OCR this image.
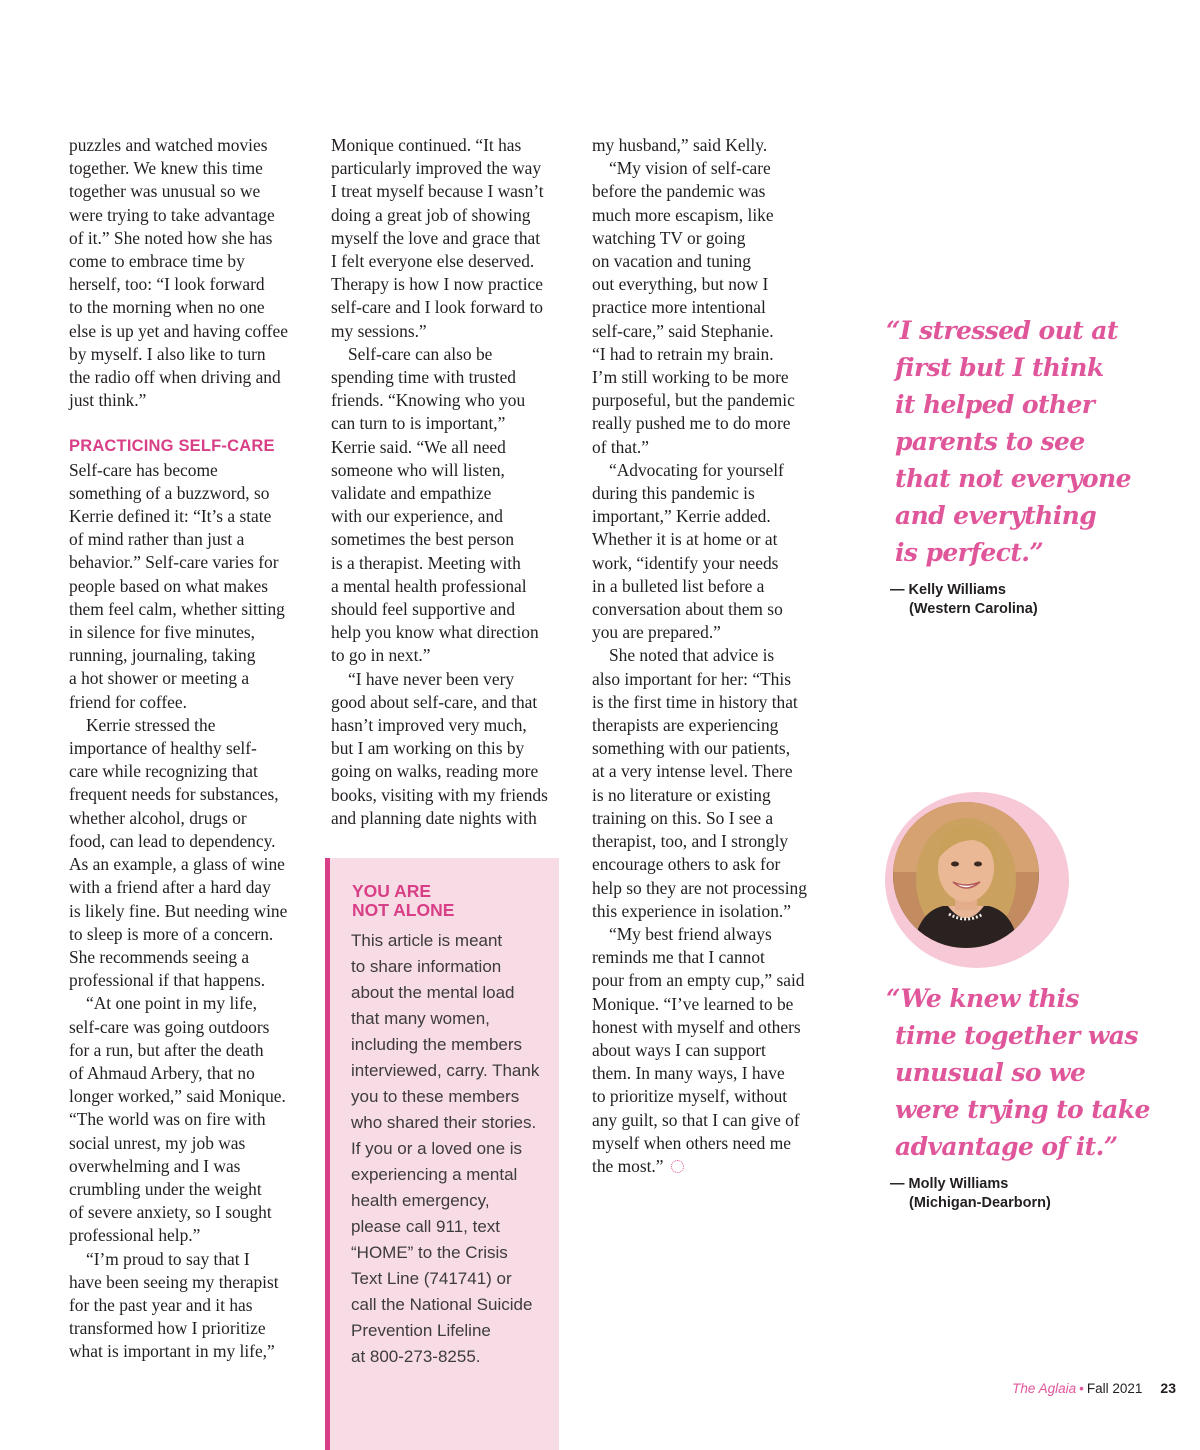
puzzles and watched movies
together. We knew this time
together was unusual so we
were trying to take advantage
of it.” She noted how she has
come to embrace time by
herself, too: “I look forward
to the morning when no one
else is up yet and having coffee
by myself. I also like to turn
the radio off when driving and
just think.”

PRACTICING SELF-CARE

Self-care has become
something of a buzzword, so
Kerrie defined it: “It’s a state
of mind rather than just a
behavior.” Self-care varies for
people based on what makes
them feel calm, whether sitting
in silence for five minutes,
running, journaling, taking
a hot shower or meeting a
friend for coffee.

Kerrie stressed the
importance of healthy self-
care while recognizing that
frequent needs for substances,
whether alcohol, drugs or
food, can lead to dependency.
As an example, a glass of wine
with a friend after a hard day
is likely fine. But needing wine
to sleep is more of a concern.
She recommends seeing a
professional if that happens.

“At one point in my life,
self-care was going outdoors
for a run, but after the death
of Ahmaud Arbery, that no
longer worked,” said Monique.
“The world was on fire with
social unrest, my job was
overwhelming and I was
crumbling under the weight
of severe anxiety, so I sought
professional help.”

“I’m proud to say that I
have been seeing my therapist
for the past year and it has
transformed how I prioritize
what is important in my life,”

Monique continued. “It has
particularly improved the way
I treat myself because I wasn’t
doing a great job of showing
myself the love and grace that
I felt everyone else deserved.
Therapy is how I now practice
self-care and I look forward to
my sessions.”

Self-care can also be
spending time with trusted
friends. “Knowing who you
can turn to is important,”
Kerrie said. “We all need
someone who will listen,
validate and empathize
with our experience, and
sometimes the best person
is a therapist. Meeting with
a mental health professional
should feel supportive and
help you know what direction
to go in next.”

“I have never been very
good about self-care, and that
hasn’t improved very much,
but I am working on this by
going on walks, reading more
books, visiting with my friends
and planning date nights with

YOU ARE
NOT ALONE
This article is meant
to share information
about the mental load
that many women,
including the members
interviewed, carry. Thank
you to these members
who shared their stories.
If you or a loved one is
experiencing a mental
health emergency,
please call 911, text
“HOME” to the Crisis
Text Line (741741) or
call the National Suicide
Prevention Lifeline
at 800-273-8255.

my husband,” said Kelly.

“My vision of self-care
before the pandemic was
much more escapism, like
watching TV or going
on vacation and tuning
out everything, but now I
practice more intentional
self-care,” said Stephanie.
“I had to retrain my brain.
I’m still working to be more
purposeful, but the pandemic
really pushed me to do more
of that.”

“Advocating for yourself
during this pandemic is
important,” Kerrie added.
Whether it is at home or at
work, “identify your needs
in a bulleted list before a
conversation about them so
you are prepared.”

She noted that advice is
also important for her: “This
is the first time in history that
therapists are experiencing
something with our patients,
at a very intense level. There
is no literature or existing
training on this. So I see a
therapist, too, and I strongly
encourage others to ask for
help so they are not processing
this experience in isolation.”

“My best friend always
reminds me that I cannot
pour from an empty cup,” said
Monique. “I’ve learned to be
honest with myself and others
about ways I can support
them. In many ways, I have
to prioritize myself, without
any guilt, so that I can give of
myself when others need me
the most.”

“I stressed out at
first but I think
it helped other
parents to see
that not everyone
and everything
is perfect.”
— Kelly Williams
(Western Carolina)
“We knew this
time together was
unusual so we
were trying to take
advantage of it.”
— Molly Williams
(Michigan-Dearborn)
The Aglaia • Fall 2021 23
